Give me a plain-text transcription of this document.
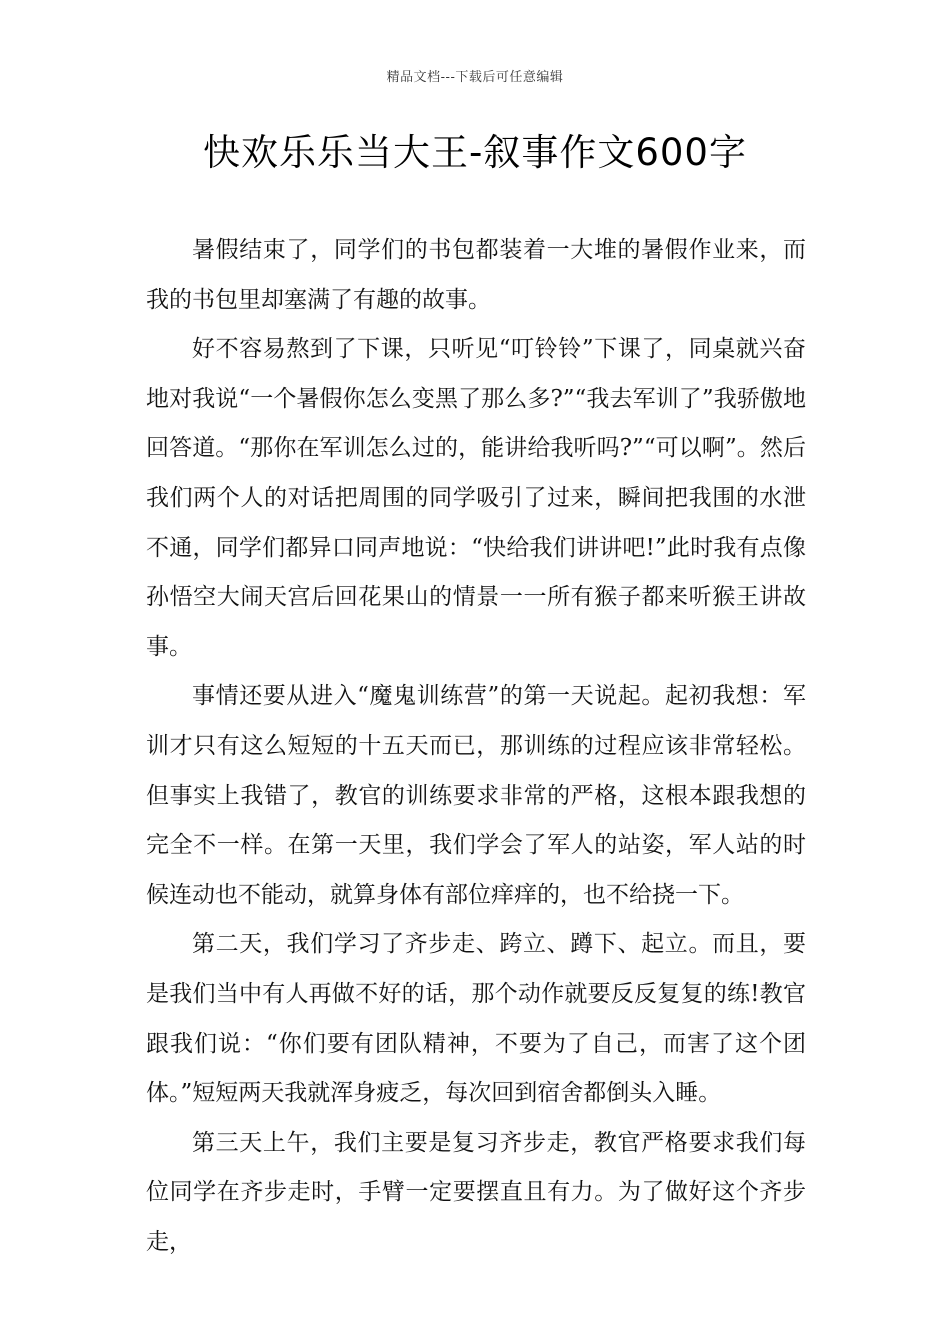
精品文档---下载后可任意编辑
快欢乐乐当大王-叙事作文600字

暑假结束了，同学们的书包都装着一大堆的暑假作业来，而我的书包里却塞满了有趣的故事。

好不容易熬到了下课，只听见“叮铃铃”下课了，同桌就兴奋地对我说“一个暑假你怎么变黑了那么多?”“我去军训了”我骄傲地回答道。“那你在军训怎么过的，能讲给我听吗?”“可以啊”。然后我们两个人的对话把周围的同学吸引了过来，瞬间把我围的水泄不通，同学们都异口同声地说：“快给我们讲讲吧!”此时我有点像孙悟空大闹天宫后回花果山的情景一一所有猴子都来听猴王讲故事。

事情还要从进入“魔鬼训练营”的第一天说起。起初我想：军训才只有这么短短的十五天而已，那训练的过程应该非常轻松。但事实上我错了，教官的训练要求非常的严格，这根本跟我想的完全不一样。在第一天里，我们学会了军人的站姿，军人站的时候连动也不能动，就算身体有部位痒痒的，也不给挠一下。

第二天，我们学习了齐步走、跨立、蹲下、起立。而且，要是我们当中有人再做不好的话，那个动作就要反反复复的练!教官跟我们说：“你们要有团队精神，不要为了自己，而害了这个团体。”短短两天我就浑身疲乏，每次回到宿舍都倒头入睡。

第三天上午，我们主要是复习齐步走，教官严格要求我们每位同学在齐步走时，手臂一定要摆直且有力。为了做好这个齐步走，
